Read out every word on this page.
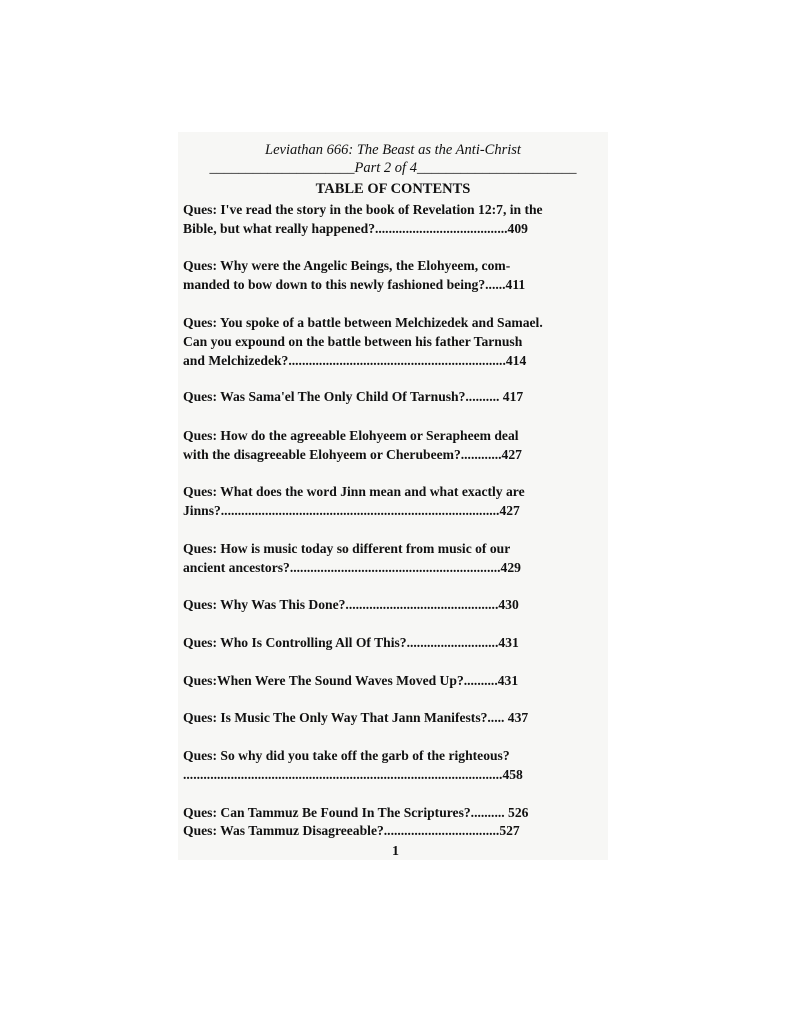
Leviathan 666: The Beast as the Anti-Christ
____________________Part 2 of 4______________________
TABLE OF CONTENTS
Ques: I've read the story in the book of Revelation 12:7, in the
Bible, but what really happened?.......................................409
Ques: Why were the Angelic Beings, the Elohyeem, com-
manded to bow down to this newly fashioned being?......411
Ques: You spoke of a battle between Melchizedek and Samael.
Can you expound on the battle between his father Tarnush
and Melchizedek?................................................................414
Ques: Was Sama'el The Only Child Of Tarnush?.......... 417
Ques: How do the agreeable Elohyeem or Serapheem deal
with the disagreeable Elohyeem or Cherubeem?............427
Ques: What does the word Jinn mean and what exactly are
Jinns?..................................................................................427
Ques: How is music today so different from music of our
ancient ancestors?..............................................................429
Ques: Why Was This Done?.............................................430
Ques: Who Is Controlling All Of This?...........................431
Ques:When Were The Sound Waves Moved Up?..........431
Ques: Is Music The Only Way That Jann Manifests?..... 437
Ques: So why did you take off the garb of the righteous?
..............................................................................................458
Ques: Can Tammuz Be Found In The Scriptures?.......... 526
Ques: Was Tammuz Disagreeable?..................................527
1
